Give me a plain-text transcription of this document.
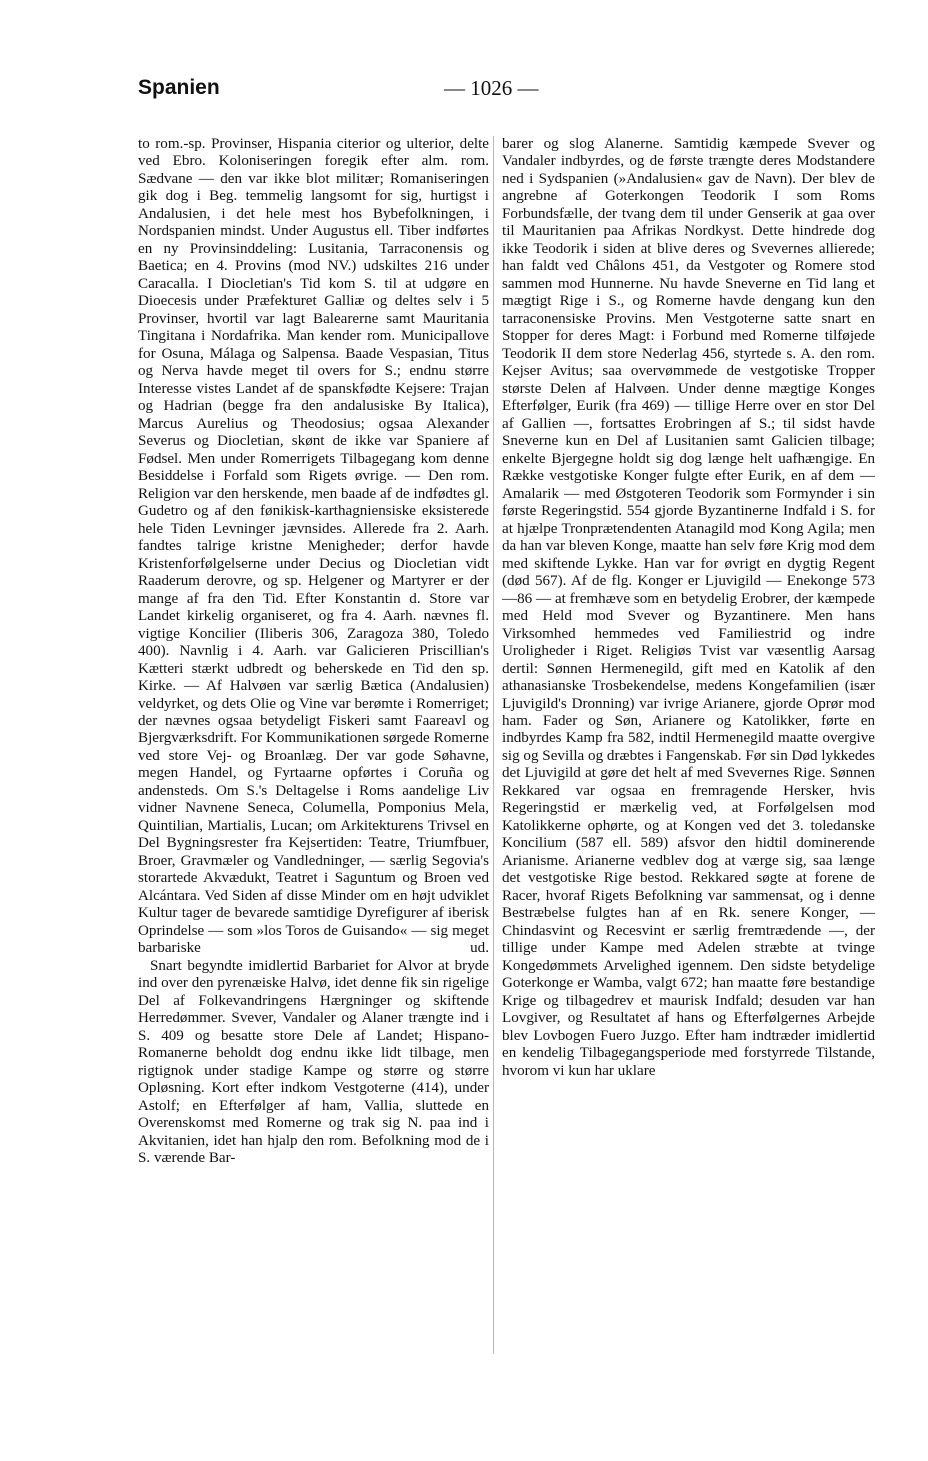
Spanien	— 1026 —

to rom.-sp. Provinser, Hispania citerior og ulterior, delte ved Ebro. Koloniseringen foregik efter alm. rom. Sædvane — den var ikke blot militær; Romaniseringen gik dog i Beg. temmelig langsomt for sig, hurtigst i Andalusien, i det hele mest hos Bybefolkningen, i Nordspanien mindst. Under Augustus ell. Tiber indførtes en ny Provinsinddeling: Lusitania, Tarraconensis og Baetica; en 4. Provins (mod NV.) udskiltes 216 under Caracalla. I Diocletian's Tid kom S. til at udgøre en Dioecesis under Præfekturet Galliæ og deltes selv i 5 Provinser, hvortil var lagt Balearerne samt Mauritania Tingitana i Nordafrika. Man kender rom. Municipallove for Osuna, Málaga og Salpensa. Baade Vespasian, Titus og Nerva havde meget til overs for S.; endnu større Interesse vistes Landet af de spanskfødte Kejsere: Trajan og Hadrian (begge fra den andalusiske By Italica), Marcus Aurelius og Theodosius; ogsaa Alexander Severus og Diocletian, skønt de ikke var Spaniere af Fødsel. Men under Romerrigets Tilbagegang kom denne Besiddelse i Forfald som Rigets øvrige. — Den rom. Religion var den herskende, men baade af de indfødtes gl. Gudetro og af den fønikisk-karthagniensiske eksisterede hele Tiden Levninger jævnsides. Allerede fra 2. Aarh. fandtes talrige kristne Menigheder; derfor havde Kristenforfølgelserne under Decius og Diocletian vidt Raaderum derovre, og sp. Helgener og Martyrer er der mange af fra den Tid. Efter Konstantin d. Store var Landet kirkelig organiseret, og fra 4. Aarh. nævnes fl. vigtige Koncilier (Iliberis 306, Zaragoza 380, Toledo 400). Navnlig i 4. Aarh. var Galicieren Priscillian's Kætteri stærkt udbredt og beherskede en Tid den sp. Kirke. — Af Halvøen var særlig Bætica (Andalusien) veldyrket, og dets Olie og Vine var berømte i Romerriget; der nævnes ogsaa betydeligt Fiskeri samt Faareavl og Bjergværksdrift. For Kommunikationen sørgede Romerne ved store Vej- og Broanlæg. Der var gode Søhavne, megen Handel, og Fyrtaarne opførtes i Coruña og andensteds. Om S.'s Deltagelse i Roms aandelige Liv vidner Navnene Seneca, Columella, Pomponius Mela, Quintilian, Martialis, Lucan; om Arkitekturens Trivsel en Del Bygningsrester fra Kejsertiden: Teatre, Triumfbuer, Broer, Gravmæler og Vandledninger, — særlig Segovia's storartede Akvædukt, Teatret i Saguntum og Broen ved Alcántara. Ved Siden af disse Minder om en højt udviklet Kultur tager de bevarede samtidige Dyrefigurer af iberisk Oprindelse — som »los Toros de Guisando« — sig meget barbariske ud.

Snart begyndte imidlertid Barbariet for Alvor at bryde ind over den pyrenæiske Halvø, idet denne fik sin rigelige Del af Folkevandringens Hærgninger og skiftende Herredømmer. Svever, Vandaler og Alaner trængte ind i S. 409 og besatte store Dele af Landet; Hispano-Romanerne beholdt dog endnu ikke lidt tilbage, men rigtignok under stadige Kampe og større og større Opløsning. Kort efter indkom Vestgoterne (414), under Astolf; en Efterfølger af ham, Vallia, sluttede en Overenskomst med Romerne og trak sig N. paa ind i Akvitanien, idet han hjalp den rom. Befolkning mod de i S. værende Bar-

barer og slog Alanerne. Samtidig kæmpede Svever og Vandaler indbyrdes, og de første trængte deres Modstandere ned i Sydspanien (»Andalusien« gav de Navn). Der blev de angrebne af Goterkongen Teodorik I som Roms Forbundsfælle, der tvang dem til under Genserik at gaa over til Mauritanien paa Afrikas Nordkyst. Dette hindrede dog ikke Teodorik i siden at blive deres og Svevernes allierede; han faldt ved Châlons 451, da Vestgoter og Romere stod sammen mod Hunnerne. Nu havde Sneverne en Tid lang et mægtigt Rige i S., og Romerne havde dengang kun den tarraconensiske Provins. Men Vestgoterne satte snart en Stopper for deres Magt: i Forbund med Romerne tilføjede Teodorik II dem store Nederlag 456, styrtede s. A. den rom. Kejser Avitus; saa overvømmede de vestgotiske Tropper største Delen af Halvøen. Under denne mægtige Konges Efterfølger, Eurik (fra 469) — tillige Herre over en stor Del af Gallien —, fortsattes Erobringen af S.; til sidst havde Sneverne kun en Del af Lusitanien samt Galicien tilbage; enkelte Bjergegne holdt sig dog længe helt uafhængige. En Række vestgotiske Konger fulgte efter Eurik, en af dem — Amalarik — med Østgoteren Teodorik som Formynder i sin første Regeringstid. 554 gjorde Byzantinerne Indfald i S. for at hjælpe Tronprætendenten Atanagild mod Kong Agila; men da han var bleven Konge, maatte han selv føre Krig mod dem med skiftende Lykke. Han var for øvrigt en dygtig Regent (død 567). Af de flg. Konger er Ljuvigild — Enekonge 573—86 — at fremhæve som en betydelig Erobrer, der kæmpede med Held mod Svever og Byzantinere. Men hans Virksomhed hemmedes ved Familiestrid og indre Uroligheder i Riget. Religiøs Tvist var væsentlig Aarsag dertil: Sønnen Hermenegild, gift med en Katolik af den athanasianske Trosbekendelse, medens Kongefamilien (især Ljuvigild's Dronning) var ivrige Arianere, gjorde Oprør mod ham. Fader og Søn, Arianere og Katolikker, førte en indbyrdes Kamp fra 582, indtil Hermenegild maatte overgive sig og Sevilla og dræbtes i Fangenskab. Før sin Død lykkedes det Ljuvigild at gøre det helt af med Svevernes Rige. Sønnen Rekkared var ogsaa en fremragende Hersker, hvis Regeringstid er mærkelig ved, at Forfølgelsen mod Katolikkerne ophørte, og at Kongen ved det 3. toledanske Koncilium (587 ell. 589) afsvor den hidtil dominerende Arianisme. Arianerne vedblev dog at værge sig, saa længe det vestgotiske Rige bestod. Rekkared søgte at forene de Racer, hvoraf Rigets Befolkning var sammensat, og i denne Bestræbelse fulgtes han af en Rk. senere Konger, — Chindasvint og Recesvint er særlig fremtrædende —, der tillige under Kampe med Adelen stræbte at tvinge Kongedømmets Arvelighed igennem. Den sidste betydelige Goterkonge er Wamba, valgt 672; han maatte føre bestandige Krige og tilbagedrev et maurisk Indfald; desuden var han Lovgiver, og Resultatet af hans og Efterfølgernes Arbejde blev Lovbogen Fuero Juzgo. Efter ham indtræder imidlertid en kendelig Tilbagegangsperiode med forstyrrede Tilstande, hvorom vi kun har uklare
